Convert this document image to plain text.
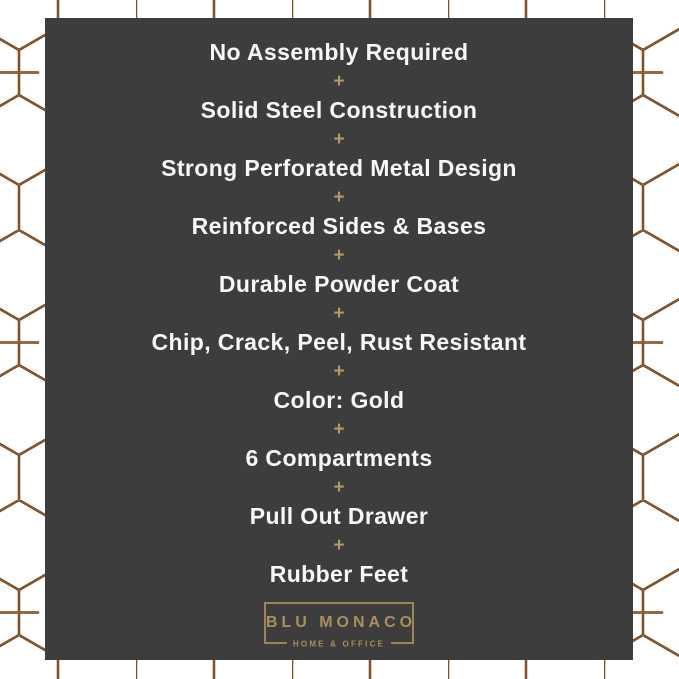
No Assembly Required
+
Solid Steel Construction
+
Strong Perforated Metal Design
+
Reinforced Sides & Bases
+
Durable Powder Coat
+
Chip, Crack, Peel, Rust Resistant
+
Color: Gold
+
6 Compartments
+
Pull Out Drawer
+
Rubber Feet
BLU MONACO
HOME & OFFICE
